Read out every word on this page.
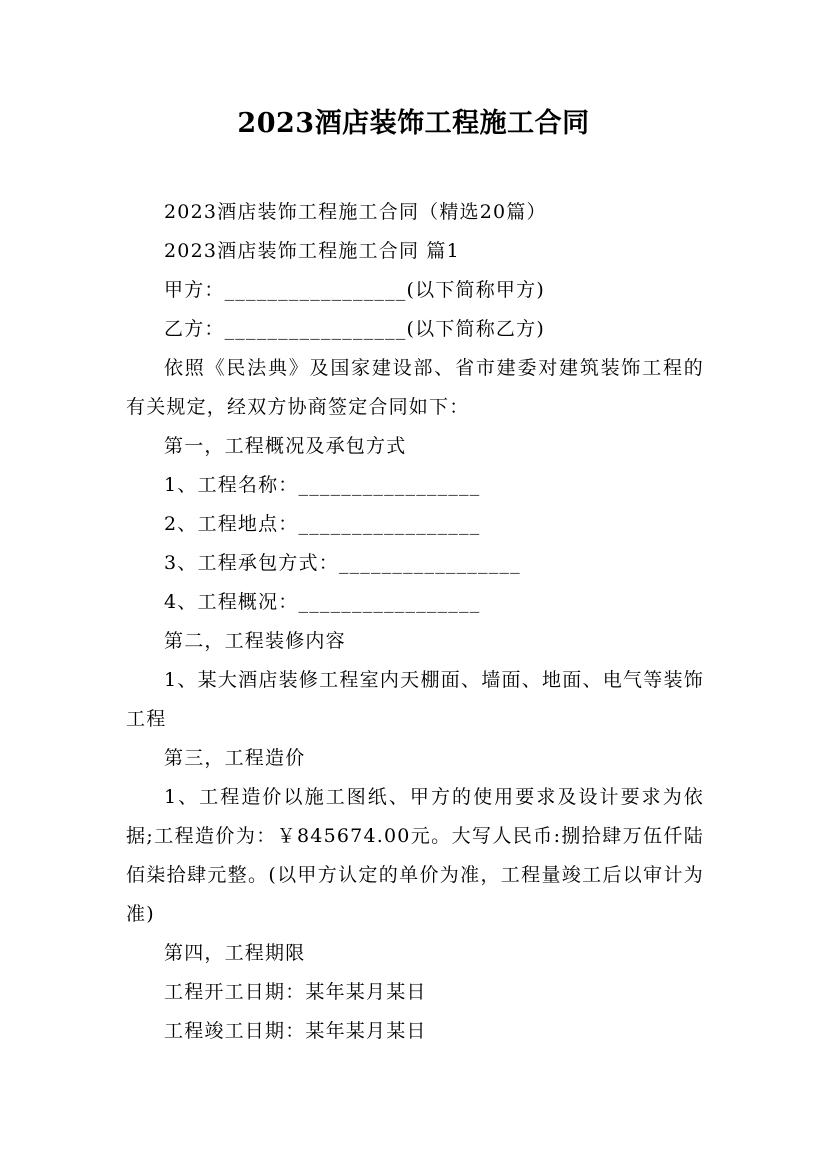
2023酒店装饰工程施工合同

2023酒店装饰工程施工合同（精选20篇）

2023酒店装饰工程施工合同 篇1

甲方：_________________(以下简称甲方)

乙方：_________________(以下简称乙方)

依照《民法典》及国家建设部、省市建委对建筑装饰工程的有关规定，经双方协商签定合同如下：

第一，工程概况及承包方式

1、工程名称：_________________

2、工程地点：_________________

3、工程承包方式：_________________

4、工程概况：_________________

第二，工程装修内容

1、某大酒店装修工程室内天棚面、墙面、地面、电气等装饰工程

第三，工程造价

1、工程造价以施工图纸、甲方的使用要求及设计要求为依据;工程造价为：￥845674.00元。大写人民币:捌拾肆万伍仟陆佰柒拾肆元整。(以甲方认定的单价为准，工程量竣工后以审计为准)

第四，工程期限

工程开工日期：某年某月某日

工程竣工日期：某年某月某日
